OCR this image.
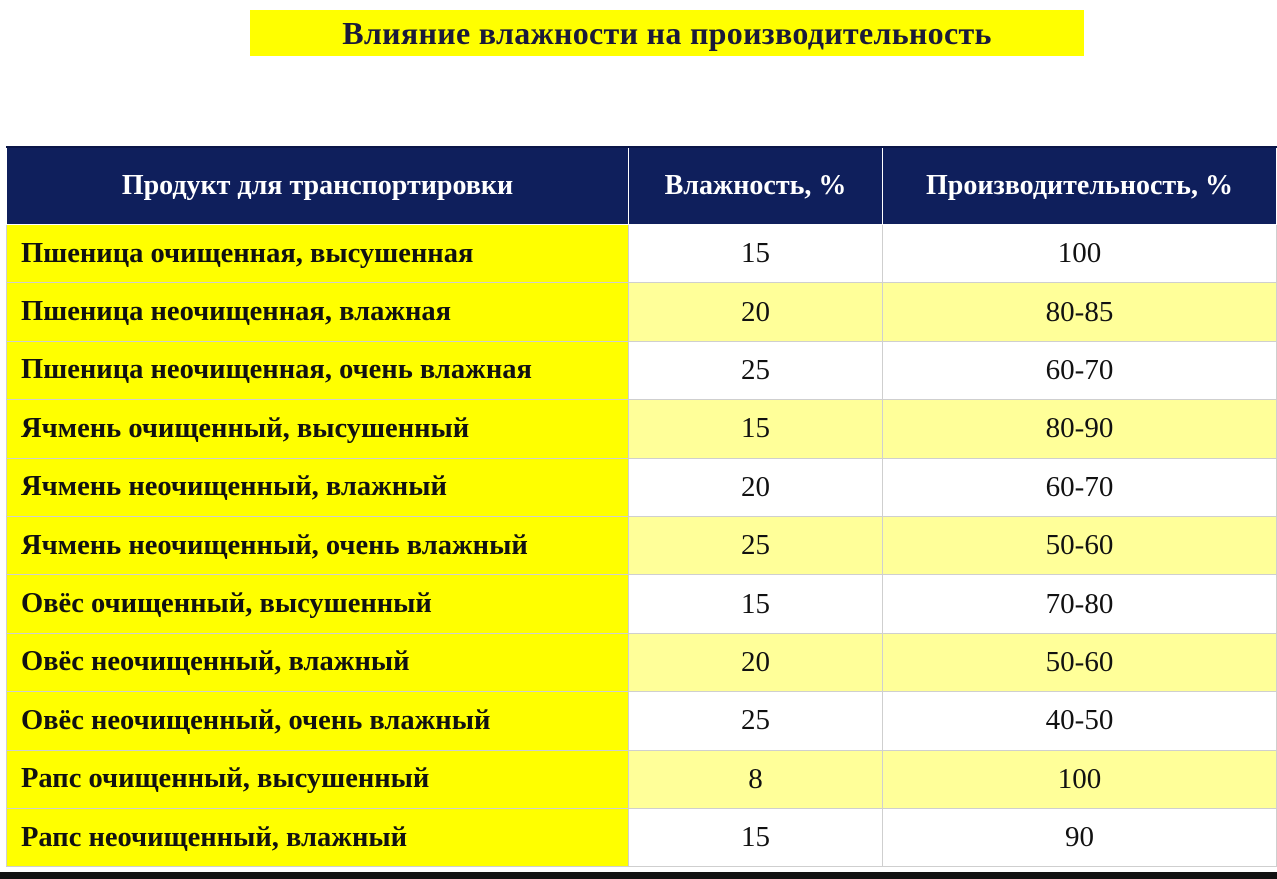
Влияние влажности на производительность
Продукт для транспортировки	Влажность, %	Производительность, %
Пшеница очищенная, высушенная	15	100
Пшеница неочищенная, влажная	20	80-85
Пшеница неочищенная, очень влажная	25	60-70
Ячмень очищенный, высушенный	15	80-90
Ячмень неочищенный, влажный	20	60-70
Ячмень неочищенный, очень влажный	25	50-60
Овёс очищенный, высушенный	15	70-80
Овёс неочищенный, влажный	20	50-60
Овёс неочищенный, очень влажный	25	40-50
Рапс очищенный, высушенный	8	100
Рапс неочищенный, влажный	15	90
